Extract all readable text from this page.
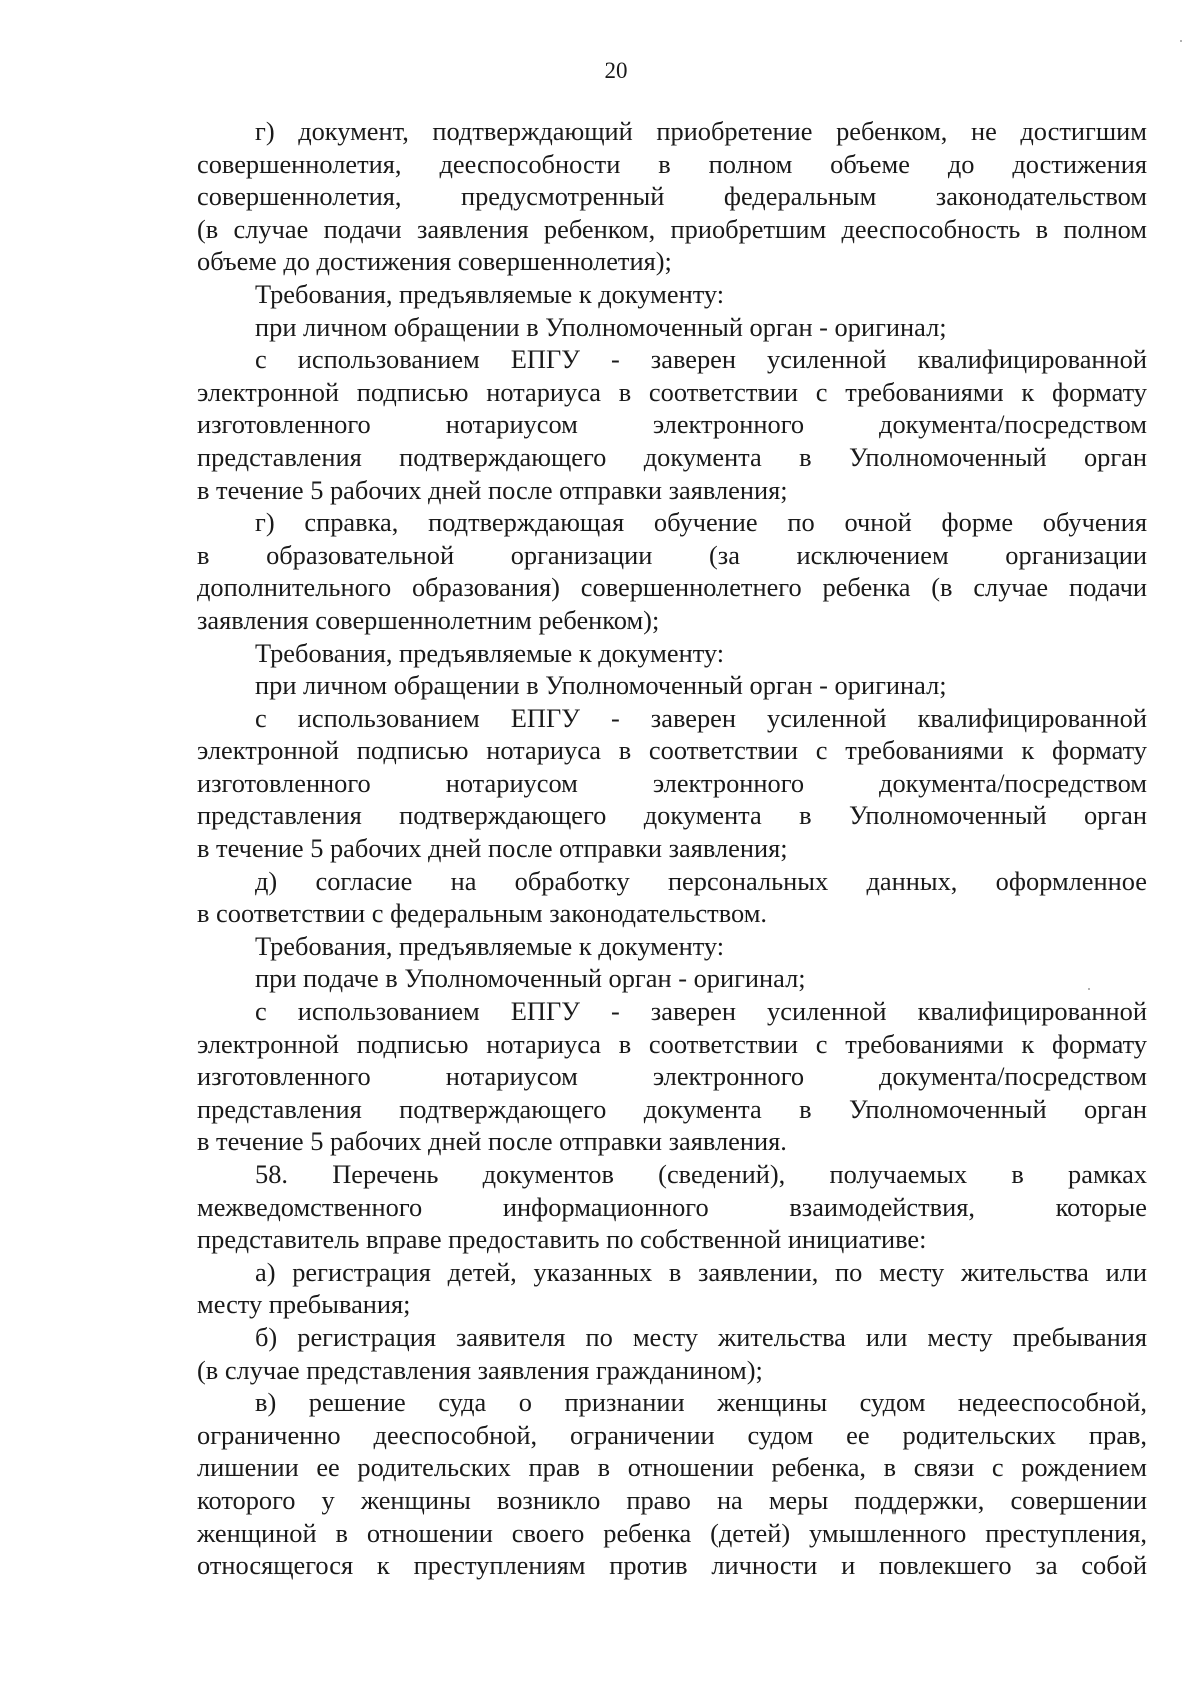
20
г) документ, подтверждающий приобретение ребенком, не достигшим
совершеннолетия, дееспособности в полном объеме до достижения
совершеннолетия, предусмотренный федеральным законодательством
(в случае подачи заявления ребенком, приобретшим дееспособность в полном
объеме до достижения совершеннолетия);
Требования, предъявляемые к документу:
при личном обращении в Уполномоченный орган - оригинал;
с использованием ЕПГУ - заверен усиленной квалифицированной
электронной подписью нотариуса в соответствии с требованиями к формату
изготовленного нотариусом электронного документа/посредством
представления подтверждающего документа в Уполномоченный орган
в течение 5 рабочих дней после отправки заявления;
г) справка, подтверждающая обучение по очной форме обучения
в образовательной организации (за исключением организации
дополнительного образования) совершеннолетнего ребенка (в случае подачи
заявления совершеннолетним ребенком);
Требования, предъявляемые к документу:
при личном обращении в Уполномоченный орган - оригинал;
с использованием ЕПГУ - заверен усиленной квалифицированной
электронной подписью нотариуса в соответствии с требованиями к формату
изготовленного нотариусом электронного документа/посредством
представления подтверждающего документа в Уполномоченный орган
в течение 5 рабочих дней после отправки заявления;
д) согласие на обработку персональных данных, оформленное
в соответствии с федеральным законодательством.
Требования, предъявляемые к документу:
при подаче в Уполномоченный орган - оригинал;
с использованием ЕПГУ - заверен усиленной квалифицированной
электронной подписью нотариуса в соответствии с требованиями к формату
изготовленного нотариусом электронного документа/посредством
представления подтверждающего документа в Уполномоченный орган
в течение 5 рабочих дней после отправки заявления.
58. Перечень документов (сведений), получаемых в рамках
межведомственного информационного взаимодействия, которые
представитель вправе предоставить по собственной инициативе:
а) регистрация детей, указанных в заявлении, по месту жительства или
месту пребывания;
б) регистрация заявителя по месту жительства или месту пребывания
(в случае представления заявления гражданином);
в) решение суда о признании женщины судом недееспособной,
ограниченно дееспособной, ограничении судом ее родительских прав,
лишении ее родительских прав в отношении ребенка, в связи с рождением
которого у женщины возникло право на меры поддержки, совершении
женщиной в отношении своего ребенка (детей) умышленного преступления,
относящегося к преступлениям против личности и повлекшего за собой
